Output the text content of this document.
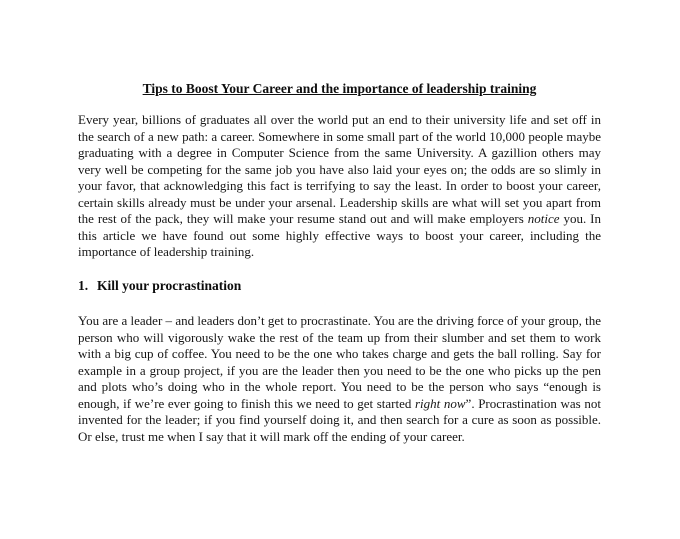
Tips to Boost Your Career and the importance of leadership training

Every year, billions of graduates all over the world put an end to their university life and set off in the search of a new path: a career. Somewhere in some small part of the world 10,000 people maybe graduating with a degree in Computer Science from the same University. A gazillion others may very well be competing for the same job you have also laid your eyes on; the odds are so slimly in your favor, that acknowledging this fact is terrifying to say the least. In order to boost your career, certain skills already must be under your arsenal. Leadership skills are what will set you apart from the rest of the pack, they will make your resume stand out and will make employers notice you. In this article we have found out some highly effective ways to boost your career, including the importance of leadership training.

1. Kill your procrastination

You are a leader – and leaders don’t get to procrastinate. You are the driving force of your group, the person who will vigorously wake the rest of the team up from their slumber and set them to work with a big cup of coffee. You need to be the one who takes charge and gets the ball rolling. Say for example in a group project, if you are the leader then you need to be the one who picks up the pen and plots who’s doing who in the whole report. You need to be the person who says “enough is enough, if we’re ever going to finish this we need to get started right now”. Procrastination was not invented for the leader; if you find yourself doing it, and then search for a cure as soon as possible. Or else, trust me when I say that it will mark off the ending of your career.
